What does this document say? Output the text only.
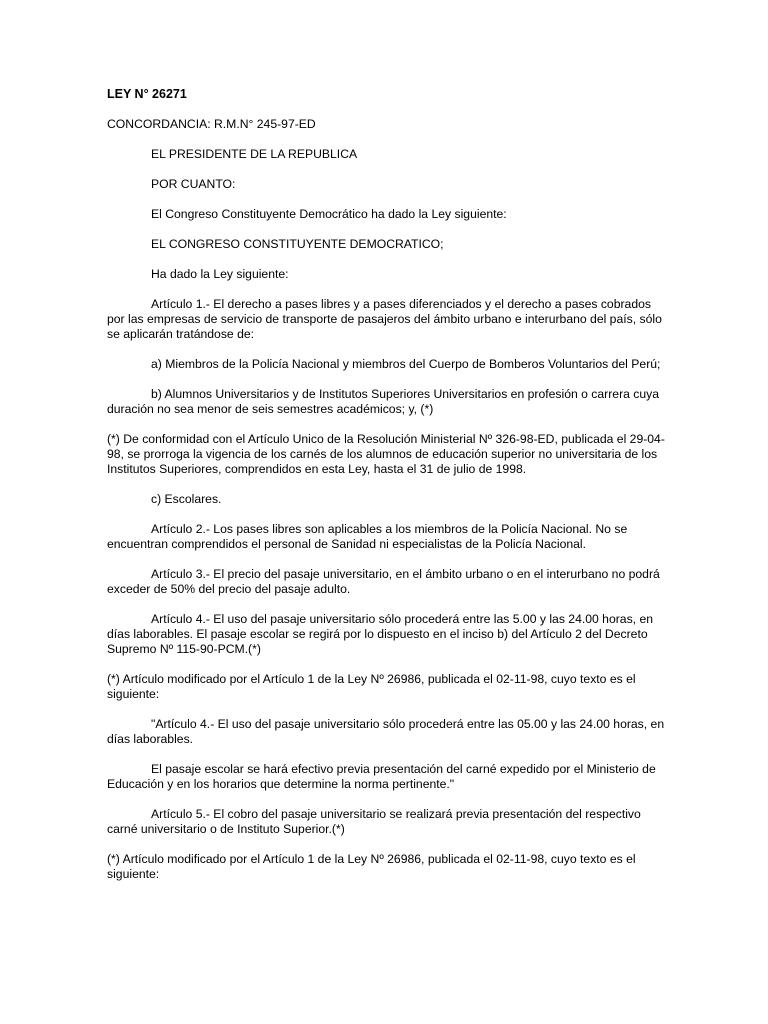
LEY N° 26271

CONCORDANCIA: R.M.N° 245-97-ED

EL PRESIDENTE DE LA REPUBLICA

POR CUANTO:

El Congreso Constituyente Democrático ha dado la Ley siguiente:

EL CONGRESO CONSTITUYENTE DEMOCRATICO;

Ha dado la Ley siguiente:

Artículo 1.- El derecho a pases libres y a pases diferenciados y el derecho a pases cobrados por las empresas de servicio de transporte de pasajeros del ámbito urbano e interurbano del país, sólo se aplicarán tratándose de:

a) Miembros de la Policía Nacional y miembros del Cuerpo de Bomberos Voluntarios del Perú;

b) Alumnos Universitarios y de Institutos Superiores Universitarios en profesión o carrera cuya duración no sea menor de seis semestres académicos; y, (*)

(*) De conformidad con el Artículo Unico de la Resolución Ministerial Nº 326-98-ED, publicada el 29-04-98, se prorroga la vigencia de los carnés de los alumnos de educación superior no universitaria de los Institutos Superiores, comprendidos en esta Ley, hasta el 31 de julio de 1998.

c) Escolares.

Artículo 2.- Los pases libres son aplicables a los miembros de la Policía Nacional. No se encuentran comprendidos el personal de Sanidad ni especialistas de la Policía Nacional.

Artículo 3.- El precio del pasaje universitario, en el ámbito urbano o en el interurbano no podrá exceder de 50% del precio del pasaje adulto.

Artículo 4.- El uso del pasaje universitario sólo procederá entre las 5.00 y las 24.00 horas, en días laborables. El pasaje escolar se regirá por lo dispuesto en el inciso b) del Artículo 2 del Decreto Supremo Nº 115-90-PCM.(*)

(*) Artículo modificado por el Artículo 1 de la Ley Nº 26986, publicada el 02-11-98, cuyo texto es el siguiente:

"Artículo 4.- El uso del pasaje universitario sólo procederá entre las 05.00 y las 24.00 horas, en días laborables.

El pasaje escolar se hará efectivo previa presentación del carné expedido por el Ministerio de Educación y en los horarios que determine la norma pertinente."

Artículo 5.- El cobro del pasaje universitario se realizará previa presentación del respectivo carné universitario o de Instituto Superior.(*)

(*) Artículo modificado por el Artículo 1 de la Ley Nº 26986, publicada el 02-11-98, cuyo texto es el siguiente:
